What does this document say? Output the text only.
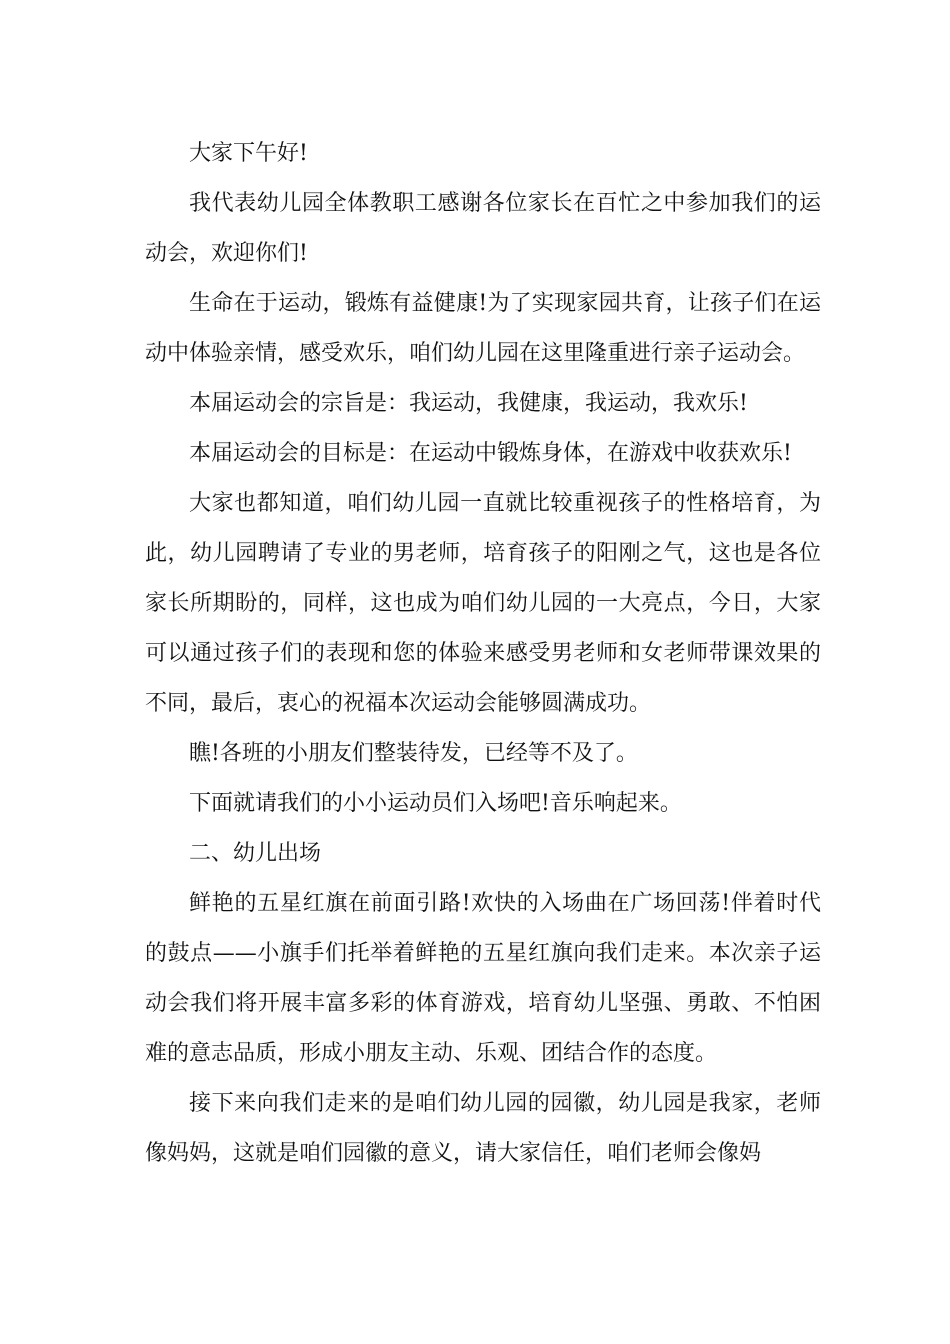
大家下午好!

我代表幼儿园全体教职工感谢各位家长在百忙之中参加我们的运动会，欢迎你们!

生命在于运动，锻炼有益健康!为了实现家园共育，让孩子们在运动中体验亲情，感受欢乐，咱们幼儿园在这里隆重进行亲子运动会。

本届运动会的宗旨是：我运动，我健康，我运动，我欢乐!

本届运动会的目标是：在运动中锻炼身体，在游戏中收获欢乐!

大家也都知道，咱们幼儿园一直就比较重视孩子的性格培育，为此，幼儿园聘请了专业的男老师，培育孩子的阳刚之气，这也是各位家长所期盼的，同样，这也成为咱们幼儿园的一大亮点，今日，大家可以通过孩子们的表现和您的体验来感受男老师和女老师带课效果的不同，最后，衷心的祝福本次运动会能够圆满成功。

瞧!各班的小朋友们整装待发，已经等不及了。

下面就请我们的小小运动员们入场吧!音乐响起来。

二、幼儿出场

鲜艳的五星红旗在前面引路!欢快的入场曲在广场回荡!伴着时代的鼓点——小旗手们托举着鲜艳的五星红旗向我们走来。本次亲子运动会我们将开展丰富多彩的体育游戏，培育幼儿坚强、勇敢、不怕困难的意志品质，形成小朋友主动、乐观、团结合作的态度。

接下来向我们走来的是咱们幼儿园的园徽，幼儿园是我家，老师像妈妈，这就是咱们园徽的意义，请大家信任，咱们老师会像妈
